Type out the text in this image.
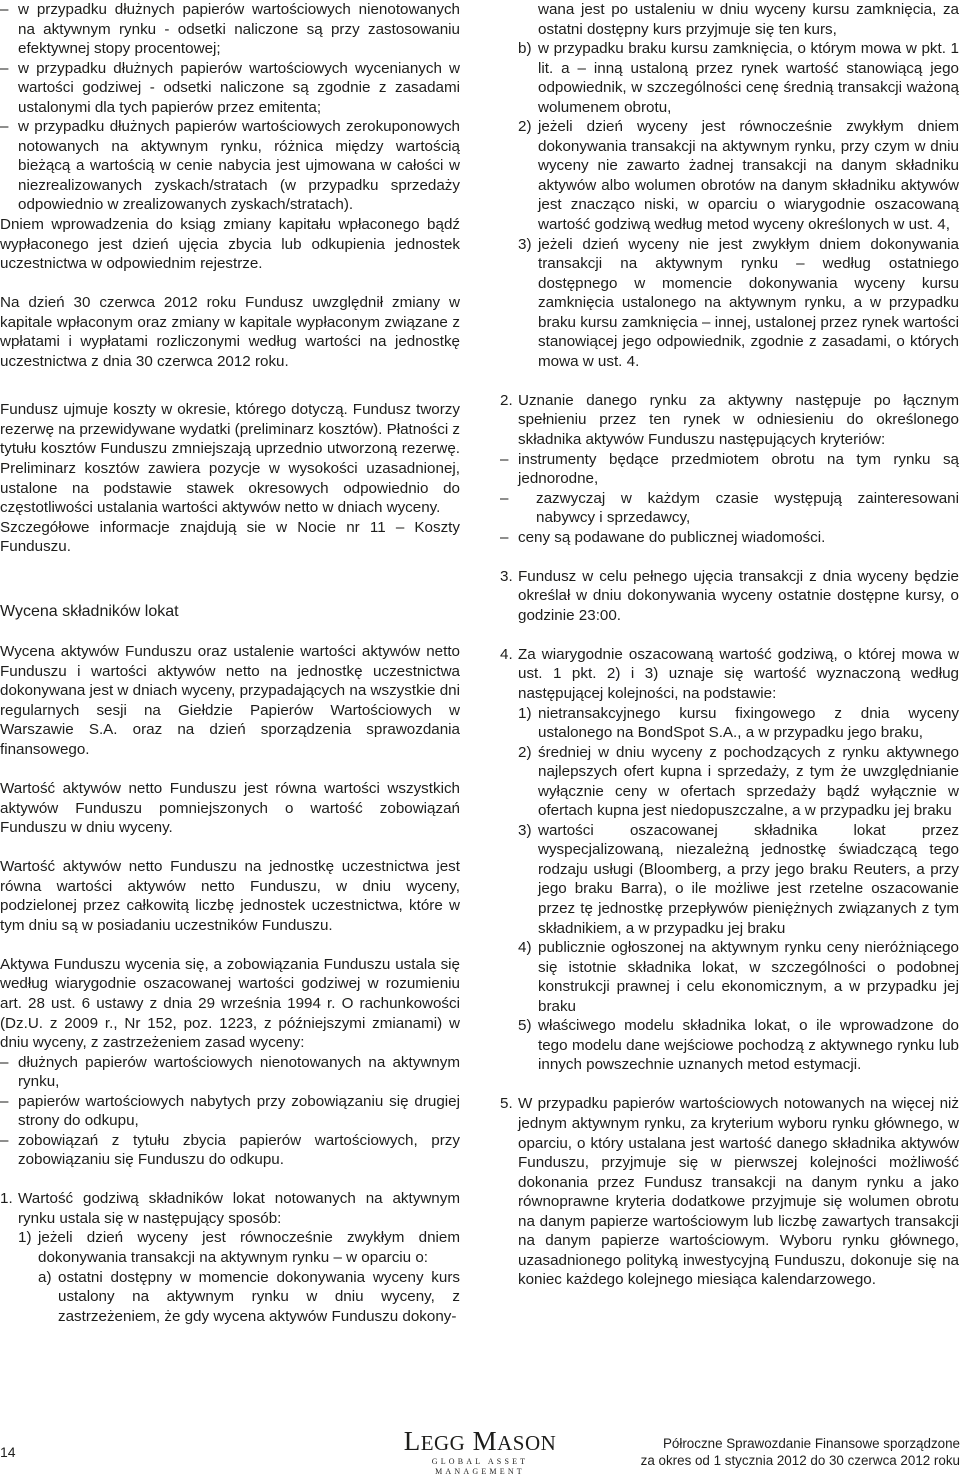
– w przypadku dłużnych papierów wartościowych nienotowanych na aktywnym rynku - odsetki naliczone są przy zastosowaniu efektywnej stopy procentowej;

– w przypadku dłużnych papierów wartościowych wycenianych w wartości godziwej - odsetki naliczone są zgodnie z zasadami ustalonymi dla tych papierów przez emitenta;

– w przypadku dłużnych papierów wartościowych zerokuponowych notowanych na aktywnym rynku, różnica między wartością bieżącą a wartością w cenie nabycia jest ujmowana w całości w niezrealizowanych zyskach/stratach (w przypadku sprzedaży odpowiednio w zrealizowanych zyskach/stratach).

Dniem wprowadzenia do ksiąg zmiany kapitału wpłaconego bądź wypłaconego jest dzień ujęcia zbycia lub odkupienia jednostek uczestnictwa w odpowiednim rejestrze.

Na dzień 30 czerwca 2012 roku Fundusz uwzględnił zmiany w kapitale wpłaconym oraz zmiany w kapitale wypłaconym związane z wpłatami i wypłatami rozliczonymi według wartości na jednostkę uczestnictwa z dnia 30 czerwca 2012 roku.

Fundusz ujmuje koszty w okresie, którego dotyczą. Fundusz tworzy rezerwę na przewidywane wydatki (preliminarz kosztów). Płatności z tytułu kosztów Funduszu zmniejszają uprzednio utworzoną rezerwę. Preliminarz kosztów zawiera pozycje w wysokości uzasadnionej, ustalone na podstawie stawek okresowych odpowiednio do częstotliwości ustalania wartości aktywów netto w dniach wyceny.

Szczegółowe informacje znajdują sie w Nocie nr 11 – Koszty Funduszu.

Wycena składników lokat

Wycena aktywów Funduszu oraz ustalenie wartości aktywów netto Funduszu i wartości aktywów netto na jednostkę uczestnictwa dokonywana jest w dniach wyceny, przypadających na wszystkie dni regularnych sesji na Giełdzie Papierów Wartościowych w Warszawie S.A. oraz na dzień sporządzenia sprawozdania finansowego.

Wartość aktywów netto Funduszu jest równa wartości wszystkich aktywów Funduszu pomniejszonych o wartość zobowiązań Funduszu w dniu wyceny.

Wartość aktywów netto Funduszu na jednostkę uczestnictwa jest równa wartości aktywów netto Funduszu, w dniu wyceny, podzielonej przez całkowitą liczbę jednostek uczestnictwa, które w tym dniu są w posiadaniu uczestników Funduszu.

Aktywa Funduszu wycenia się, a zobowiązania Funduszu ustala się według wiarygodnie oszacowanej wartości godziwej w rozumieniu art. 28 ust. 6 ustawy z dnia 29 września 1994 r. O rachunkowości (Dz.U. z 2009 r., Nr 152, poz. 1223, z późniejszymi zmianami) w dniu wyceny, z zastrzeżeniem zasad wyceny:

– dłużnych papierów wartościowych nienotowanych na aktywnym rynku,

– papierów wartościowych nabytych przy zobowiązaniu się drugiej strony do odkupu,

– zobowiązań z tytułu zbycia papierów wartościowych, przy zobowiązaniu się Funduszu do odkupu.

1. Wartość godziwą składników lokat notowanych na aktywnym rynku ustala się w następujący sposób:
1) jeżeli dzień wyceny jest równocześnie zwykłym dniem dokonywania transakcji na aktywnym rynku – w oparciu o:
a) ostatni dostępny w momencie dokonywania wyceny kurs ustalony na aktywnym rynku w dniu wyceny, z zastrzeżeniem, że gdy wycena aktywów Funduszu dokony-

wana jest po ustaleniu w dniu wyceny kursu zamknięcia, za ostatni dostępny kurs przyjmuje się ten kurs,

b) w przypadku braku kursu zamknięcia, o którym mowa w pkt. 1 lit. a – inną ustaloną przez rynek wartość stanowiącą jego odpowiednik, w szczególności cenę średnią transakcji ważoną wolumenem obrotu,
2) jeżeli dzień wyceny jest równocześnie zwykłym dniem dokonywania transakcji na aktywnym rynku, przy czym w dniu wyceny nie zawarto żadnej transakcji na danym składniku aktywów albo wolumen obrotów na danym składniku aktywów jest znacząco niski, w oparciu o wiarygodnie oszacowaną wartość godziwą według metod wyceny określonych w ust. 4,
3) jeżeli dzień wyceny nie jest zwykłym dniem dokonywania transakcji na aktywnym rynku – według ostatniego dostępnego w momencie dokonywania wyceny kursu zamknięcia ustalonego na aktywnym rynku, a w przypadku braku kursu zamknięcia – innej, ustalonej przez rynek wartości stanowiącej jego odpowiednik, zgodnie z zasadami, o których mowa w ust. 4.
2. Uznanie danego rynku za aktywny następuje po łącznym spełnieniu przez ten rynek w odniesieniu do określonego składnika aktywów Funduszu następujących kryteriów:

– instrumenty będące przedmiotem obrotu na tym rynku są jednorodne,

– zazwyczaj w każdym czasie występują zainteresowani nabywcy i sprzedawcy,

– ceny są podawane do publicznej wiadomości.

3. Fundusz w celu pełnego ujęcia transakcji z dnia wyceny będzie określał w dniu dokonywania wyceny ostatnie dostępne kursy, o godzinie 23:00.
4. Za wiarygodnie oszacowaną wartość godziwą, o której mowa w ust. 1 pkt. 2) i 3) uznaje się wartość wyznaczoną według następującej kolejności, na podstawie:
1) nietransakcyjnego kursu fixingowego z dnia wyceny ustalonego na BondSpot S.A., a w przypadku jego braku,
2) średniej w dniu wyceny z pochodzących z rynku aktywnego najlepszych ofert kupna i sprzedaży, z tym że uwzględnianie wyłącznie ceny w ofertach sprzedaży bądź wyłącznie w ofertach kupna jest niedopuszczalne, a w przypadku jej braku
3) wartości oszacowanej składnika lokat przez wyspecjalizowaną, niezależną jednostkę świadczącą tego rodzaju usługi (Bloomberg, a przy jego braku Reuters, a przy jego braku Barra), o ile możliwe jest rzetelne oszacowanie przez tę jednostkę przepływów pieniężnych związanych z tym składnikiem, a w przypadku jej braku
4) publicznie ogłoszonej na aktywnym rynku ceny nieróżniącego się istotnie składnika lokat, w szczególności o podobnej konstrukcji prawnej i celu ekonomicznym, a w przypadku jej braku
5) właściwego modelu składnika lokat, o ile wprowadzone do tego modelu dane wejściowe pochodzą z aktywnego rynku lub innych powszechnie uznanych metod estymacji.
5. W przypadku papierów wartościowych notowanych na więcej niż jednym aktywnym rynku, za kryterium wyboru rynku głównego, w oparciu, o który ustalana jest wartość danego składnika aktywów Funduszu, przyjmuje się w pierwszej kolejności możliwość dokonania przez Fundusz transakcji na danym rynku a jako równoprawne kryteria dodatkowe przyjmuje się wolumen obrotu na danym papierze wartościowym lub liczbę zawartych transakcji na danym papierze wartościowym. Wyboru rynku głównego, uzasadnionego polityką inwestycyjną Funduszu, dokonuje się na koniec każdego kolejnego miesiąca kalendarzowego.
14	LEGG MASON
GLOBAL ASSET MANAGEMENT
Półroczne Sprawozdanie Finansowe sporządzone
za okres od 1 stycznia 2012 do 30 czerwca 2012 roku
